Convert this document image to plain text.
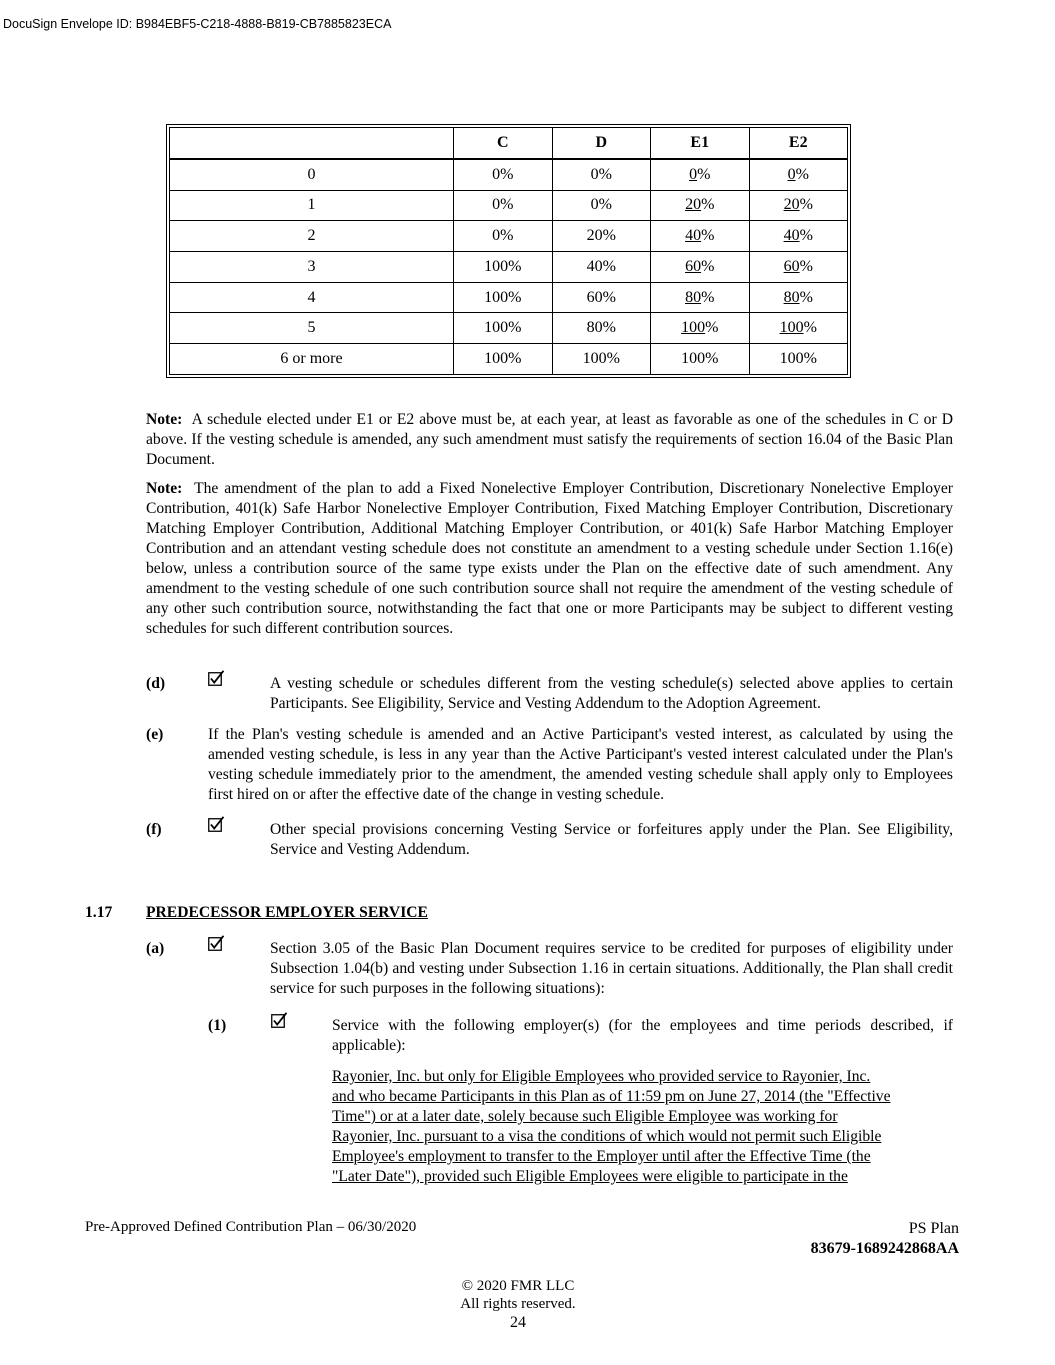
DocuSign Envelope ID: B984EBF5-C218-4888-B819-CB7885823ECA
	C	D	E1	E2
0	0%	0%	0%	0%
1	0%	0%	20%	20%
2	0%	20%	40%	40%
3	100%	40%	60%	60%
4	100%	60%	80%	80%
5	100%	80%	100%	100%
6 or more	100%	100%	100%	100%
Note: A schedule elected under E1 or E2 above must be, at each year, at least as favorable as one of the schedules in C or D above. If the vesting schedule is amended, any such amendment must satisfy the requirements of section 16.04 of the Basic Plan Document.
Note: The amendment of the plan to add a Fixed Nonelective Employer Contribution, Discretionary Nonelective Employer Contribution, 401(k) Safe Harbor Nonelective Employer Contribution, Fixed Matching Employer Contribution, Discretionary Matching Employer Contribution, Additional Matching Employer Contribution, or 401(k) Safe Harbor Matching Employer Contribution and an attendant vesting schedule does not constitute an amendment to a vesting schedule under Section 1.16(e) below, unless a contribution source of the same type exists under the Plan on the effective date of such amendment. Any amendment to the vesting schedule of one such contribution source shall not require the amendment of the vesting schedule of any other such contribution source, notwithstanding the fact that one or more Participants may be subject to different vesting schedules for such different contribution sources.
(d)	A vesting schedule or schedules different from the vesting schedule(s) selected above applies to certain Participants. See Eligibility, Service and Vesting Addendum to the Adoption Agreement.
(e)	If the Plan's vesting schedule is amended and an Active Participant's vested interest, as calculated by using the amended vesting schedule, is less in any year than the Active Participant's vested interest calculated under the Plan's vesting schedule immediately prior to the amendment, the amended vesting schedule shall apply only to Employees first hired on or after the effective date of the change in vesting schedule.
(f)	Other special provisions concerning Vesting Service or forfeitures apply under the Plan. See Eligibility, Service and Vesting Addendum.
1.17 PREDECESSOR EMPLOYER SERVICE
(a)	Section 3.05 of the Basic Plan Document requires service to be credited for purposes of eligibility under Subsection 1.04(b) and vesting under Subsection 1.16 in certain situations. Additionally, the Plan shall credit service for such purposes in the following situations):
(1)	Service with the following employer(s) (for the employees and time periods described, if applicable):
Rayonier, Inc. but only for Eligible Employees who provided service to Rayonier, Inc.
and who became Participants in this Plan as of 11:59 pm on June 27, 2014 (the "Effective
Time") or at a later date, solely because such Eligible Employee was working for
Rayonier, Inc. pursuant to a visa the conditions of which would not permit such Eligible
Employee's employment to transfer to the Employer until after the Effective Time (the
"Later Date"), provided such Eligible Employees were eligible to participate in the
Pre-Approved Defined Contribution Plan – 06/30/2020	PS Plan
83679-1689242868AA
© 2020 FMR LLC
All rights reserved.
24
